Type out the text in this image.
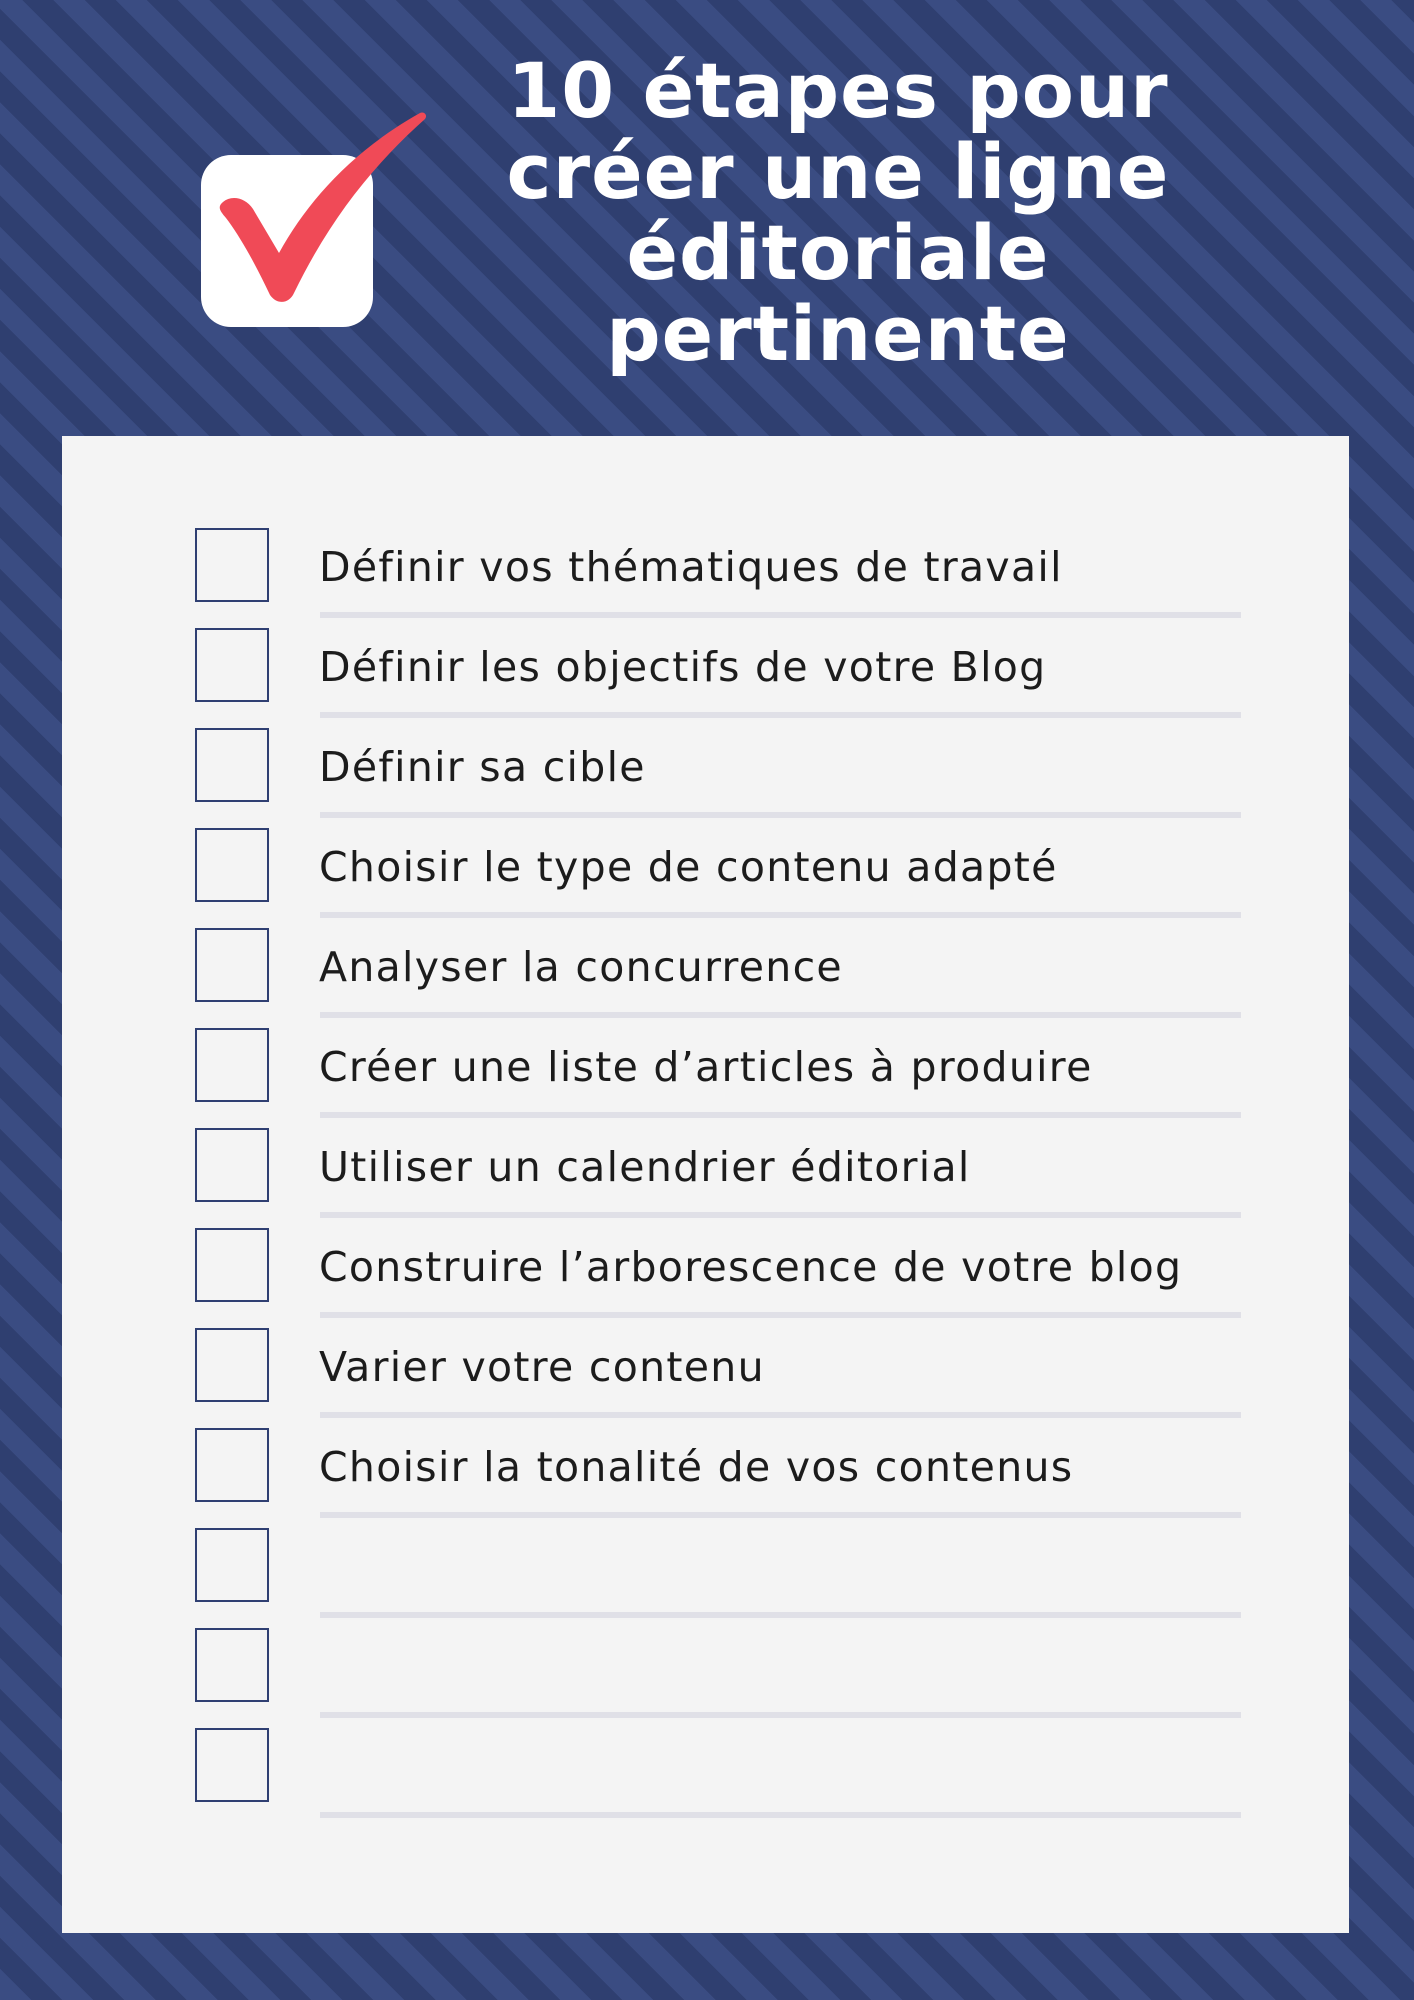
10 étapes pour
créer une ligne
éditoriale
pertinente
Définir vos thématiques de travail
Définir les objectifs de votre Blog
Définir sa cible
Choisir le type de contenu adapté
Analyser la concurrence
Créer une liste d’articles à produire
Utiliser un calendrier éditorial
Construire l’arborescence de votre blog
Varier votre contenu
Choisir la tonalité de vos contenus
